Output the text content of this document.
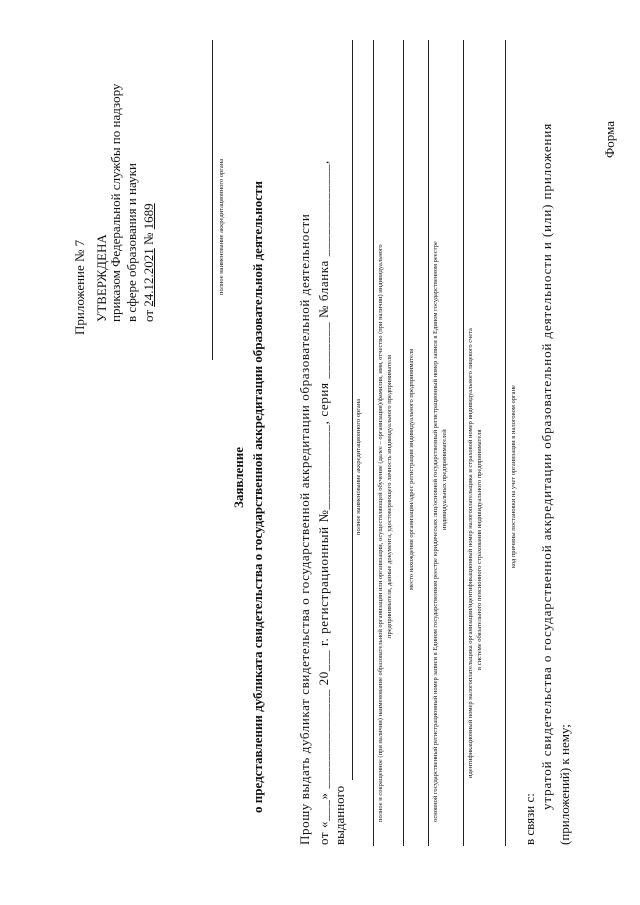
Форма
Приложение № 7 УТВЕРЖДЕНА приказом Федеральной службы по надзору в сфере образования и науки от 24.12.2021 № 1689	полное наименование аккредитационного органа
Заявление о представлении дубликата свидетельства о государственной аккредитации образовательной деятельности Прошу выдать дубликат свидетельства о государственной аккредитации образовательной деятельности от «___» ______________ 20___ г. регистрационный №____________, серия ________ № бланка _____________, выданного
полное наименование аккредитационного органа полное и сокращенное (при наличии) наименование образовательной организации или организации, осуществляющей обучение (далее – организация)/фамилия, имя, отчество (при наличии) индивидуального предпринимателя, данные документа, удостоверяющего личность индивидуального предпринимателя место нахождения организации/адрес регистрации индивидуального предпринимателя	основной государственный регистрационный номер записи в Едином государственном реестре юридических лиц/основной государственный регистрационный номер записи в Едином государственном реестре индивидуальных предпринимателей	идентификационный номер налогоплательщика организации/идентификационный номер налогоплательщика и страховой номер индивидуального лицевого счета в системе обязательного пенсионного страхования индивидуального предпринимателя	код причины постановки на учет организации в налоговом органе
в связи с:
утратой свидетельства о государственной аккредитации образовательной деятельности и (или) приложения (приложений) к нему;
